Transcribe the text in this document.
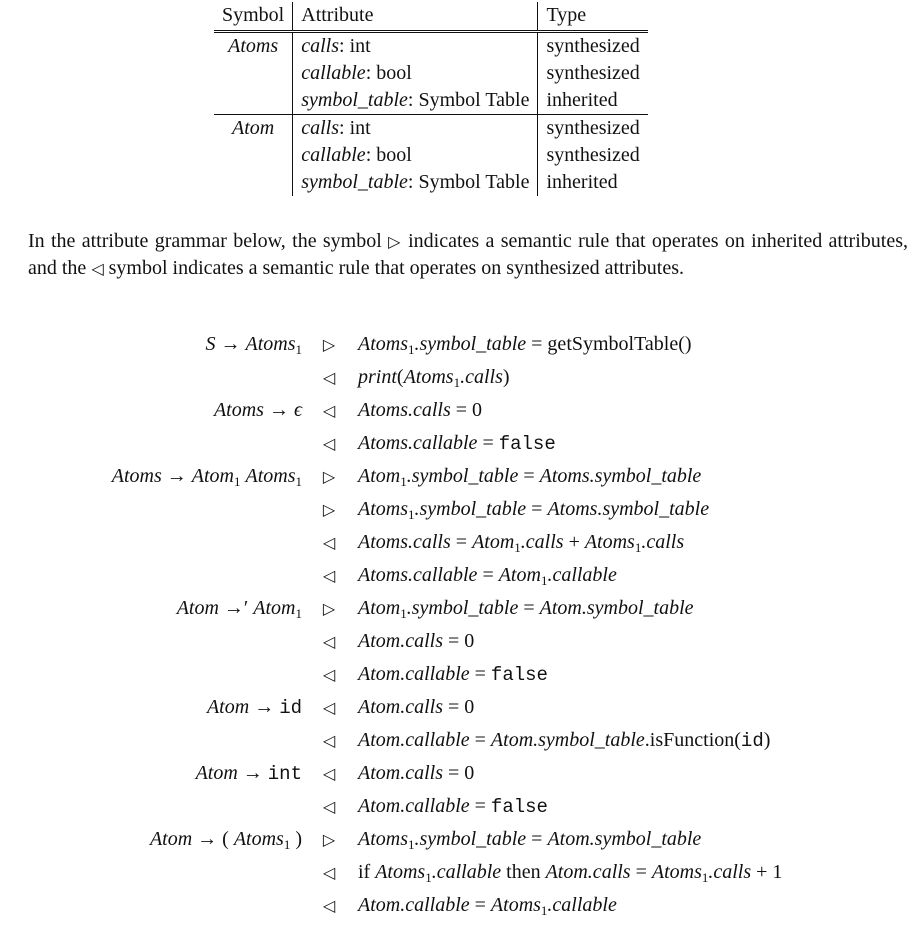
Symbol	Attribute	Type
Atoms	calls: int	synthesized
	callable: bool	synthesized
	symbol_table: Symbol Table	inherited
Atom	calls: int	synthesized
	callable: bool	synthesized
	symbol_table: Symbol Table	inherited

In the attribute grammar below, the symbol ▷ indicates a semantic rule that operates on inherited attributes, and the ◁ symbol indicates a semantic rule that operates on synthesized attributes.

S → Atoms$_1$	▷ Atoms$_1$.symbol_table = getSymbolTable()
◁ print(Atoms$_1$.calls)
Atoms → ϵ	◁ Atoms.calls = 0
◁ Atoms.callable = false
Atoms → Atom$_1$ Atoms$_1$	▷ Atom$_1$.symbol_table = Atoms.symbol_table
▷ Atoms$_1$.symbol_table = Atoms.symbol_table
◁ Atoms.calls = Atom$_1$.calls + Atoms$_1$.calls
◁ Atoms.callable = Atom$_1$.callable
Atom →′ Atom$_1$	▷ Atom$_1$.symbol_table = Atom.symbol_table
◁ Atom.calls = 0
◁ Atom.callable = false
Atom → id	◁ Atom.calls = 0
◁ Atom.callable = Atom.symbol_table.isFunction(id)
Atom → int	◁ Atom.calls = 0
◁ Atom.callable = false
Atom → ( Atoms$_1$ )	▷ Atoms$_1$.symbol_table = Atom.symbol_table
◁ if Atoms$_1$.callable then Atom.calls = Atoms$_1$.calls + 1
◁ Atom.callable = Atoms$_1$.callable
